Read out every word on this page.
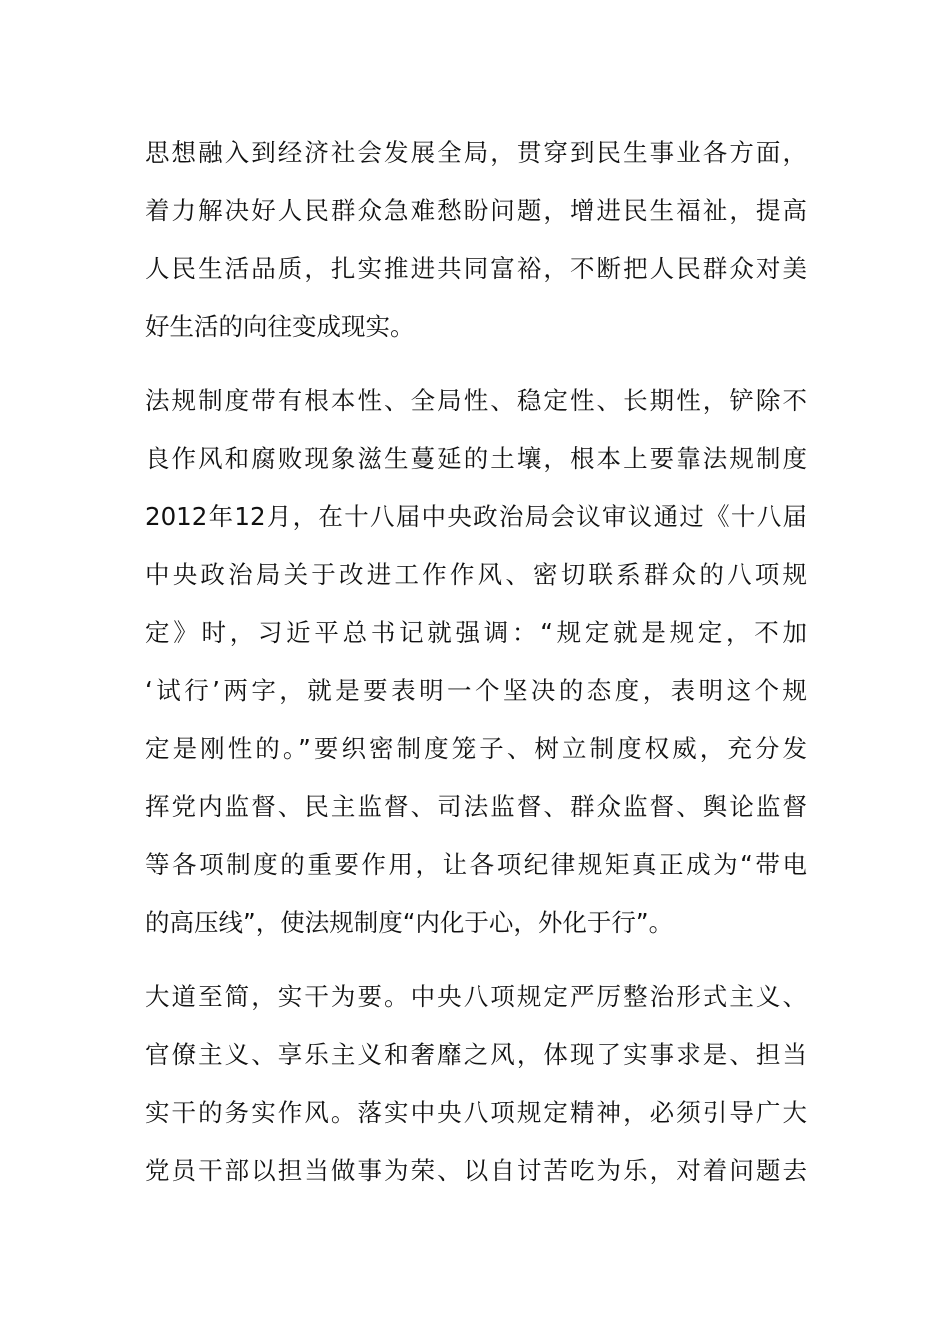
思想融入到经济社会发展全局，贯穿到民生事业各方面，
着力解决好人民群众急难愁盼问题，增进民生福祉，提高
人民生活品质，扎实推进共同富裕，不断把人民群众对美
好生活的向往变成现实。
法规制度带有根本性、全局性、稳定性、长期性，铲除不
良作风和腐败现象滋生蔓延的土壤，根本上要靠法规制度
2012年12月，在十八届中央政治局会议审议通过《十八届
中央政治局关于改进工作作风、密切联系群众的八项规
定》时，习近平总书记就强调：“规定就是规定，不加
‘试行’两字，就是要表明一个坚决的态度，表明这个规
定是刚性的。”要织密制度笼子、树立制度权威，充分发
挥党内监督、民主监督、司法监督、群众监督、舆论监督
等各项制度的重要作用，让各项纪律规矩真正成为“带电
的高压线”，使法规制度“内化于心，外化于行”。
大道至简，实干为要。中央八项规定严厉整治形式主义、
官僚主义、享乐主义和奢靡之风，体现了实事求是、担当
实干的务实作风。落实中央八项规定精神，必须引导广大
党员干部以担当做事为荣、以自讨苦吃为乐，对着问题去
